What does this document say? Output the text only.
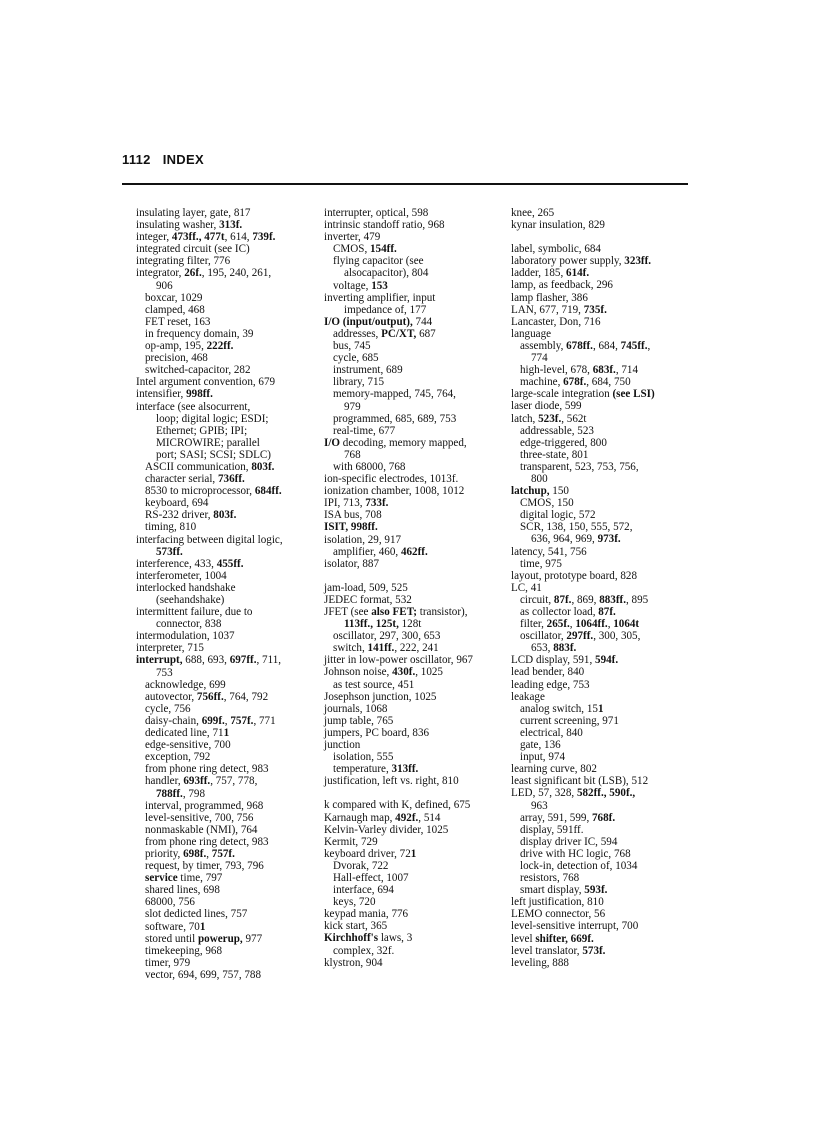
1112 INDEX
insulating layer, gate, 817
insulating washer, 313f.
integer, 473ff., 477t, 614, 739f.
integrated circuit (see IC)
integrating filter, 776
integrator, 26f., 195, 240, 261,
906
boxcar, 1029
clamped, 468
FET reset, 163
in frequency domain, 39
op-amp, 195, 222ff.
precision, 468
switched-capacitor, 282
Intel argument convention, 679
intensifier, 998ff.
interface (see alsocurrent,
loop; digital logic; ESDI;
Ethernet; GPIB; IPI;
MICROWIRE; parallel
port; SASI; SCSI; SDLC)
ASCII communication, 803f.
character serial, 736ff.
8530 to microprocessor, 684ff.
keyboard, 694
RS-232 driver, 803f.
timing, 810
interfacing between digital logic,
573ff.
interference, 433, 455ff.
interferometer, 1004
interlocked handshake
(seehandshake)
intermittent failure, due to
connector, 838
intermodulation, 1037
interpreter, 715
interrupt, 688, 693, 697ff., 711,
753
acknowledge, 699
autovector, 756ff., 764, 792
cycle, 756
daisy-chain, 699f., 757f., 771
dedicated line, 711
edge-sensitive, 700
exception, 792
from phone ring detect, 983
handler, 693ff., 757, 778,
788ff., 798
interval, programmed, 968
level-sensitive, 700, 756
nonmaskable (NMI), 764
from phone ring detect, 983
priority, 698f., 757f.
request, by timer, 793, 796
service time, 797
shared lines, 698
68000, 756
slot dedicted lines, 757
software, 701
stored until powerup, 977
timekeeping, 968
timer, 979
vector, 694, 699, 757, 788
interrupter, optical, 598
intrinsic standoff ratio, 968
inverter, 479
CMOS, 154ff.
flying capacitor (see
alsocapacitor), 804
voltage, 153
inverting amplifier, input
impedance of, 177
I/O (input/output), 744
addresses, PC/XT, 687
bus, 745
cycle, 685
instrument, 689
library, 715
memory-mapped, 745, 764,
979
programmed, 685, 689, 753
real-time, 677
I/O decoding, memory mapped,
768
with 68000, 768
ion-specific electrodes, 1013f.
ionization chamber, 1008, 1012
IPI, 713, 733f.
ISA bus, 708
ISIT, 998ff.
isolation, 29, 917
amplifier, 460, 462ff.
isolator, 887
jam-load, 509, 525
JEDEC format, 532
JFET (see also FET; transistor),
113ff., 125t, 128t
oscillator, 297, 300, 653
switch, 141ff., 222, 241
jitter in low-power oscillator, 967
Johnson noise, 430f., 1025
as test source, 451
Josephson junction, 1025
journals, 1068
jump table, 765
jumpers, PC board, 836
junction
isolation, 555
temperature, 313ff.
justification, left vs. right, 810
k compared with K, defined, 675
Karnaugh map, 492f., 514
Kelvin-Varley divider, 1025
Kermit, 729
keyboard driver, 721
Dvorak, 722
Hall-effect, 1007
interface, 694
keys, 720
keypad mania, 776
kick start, 365
Kirchhoff's laws, 3
complex, 32f.
klystron, 904
knee, 265
kynar insulation, 829
label, symbolic, 684
laboratory power supply, 323ff.
ladder, 185, 614f.
lamp, as feedback, 296
lamp flasher, 386
LAN, 677, 719, 735f.
Lancaster, Don, 716
language
assembly, 678ff., 684, 745ff.,
774
high-level, 678, 683f., 714
machine, 678f., 684, 750
large-scale integration (see LSI)
laser diode, 599
latch, 523f., 562t
addressable, 523
edge-triggered, 800
three-state, 801
transparent, 523, 753, 756,
800
latchup, 150
CMOS, 150
digital logic, 572
SCR, 138, 150, 555, 572,
636, 964, 969, 973f.
latency, 541, 756
time, 975
layout, prototype board, 828
LC, 41
circuit, 87f., 869, 883ff., 895
as collector load, 87f.
filter, 265f., 1064ff., 1064t
oscillator, 297ff., 300, 305,
653, 883f.
LCD display, 591, 594f.
lead bender, 840
leading edge, 753
leakage
analog switch, 151
current screening, 971
electrical, 840
gate, 136
input, 974
learning curve, 802
least significant bit (LSB), 512
LED, 57, 328, 582ff., 590f.,
963
array, 591, 599, 768f.
display, 591ff.
display driver IC, 594
drive with HC logic, 768
lock-in, detection of, 1034
resistors, 768
smart display, 593f.
left justification, 810
LEMO connector, 56
level-sensitive interrupt, 700
level shifter, 669f.
level translator, 573f.
leveling, 888
